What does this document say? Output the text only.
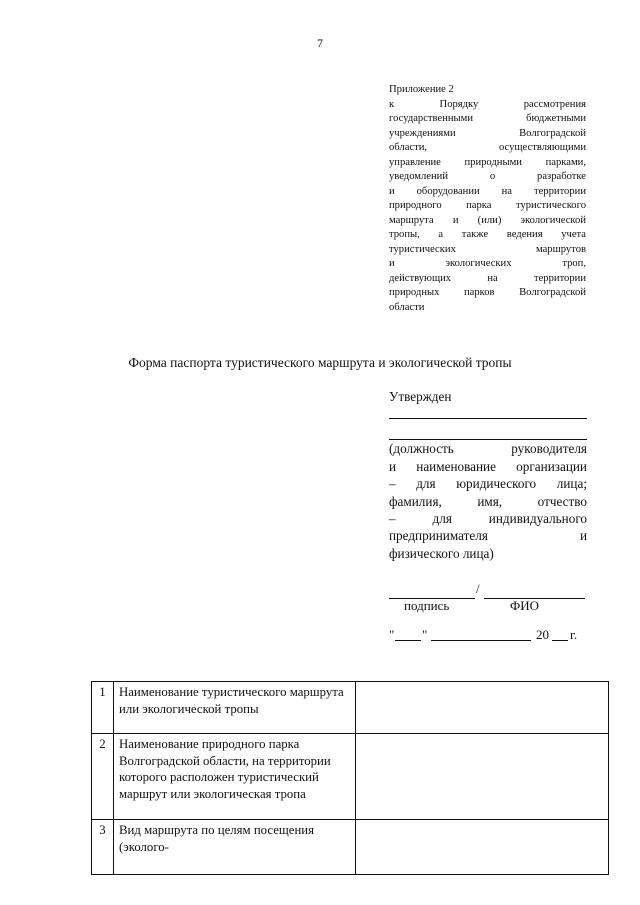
7
Приложение 2
к Порядку рассмотрения
государственными бюджетными
учреждениями Волгоградской
области, осуществляющими
управление природными парками,
уведомлений о разработке
и оборудовании на территории
природного парка туристического
маршрута и (или) экологической
тропы, а также ведения учета
туристических маршрутов
и экологических троп,
действующих на территории
природных парков Волгоградской
области
Форма паспорта туристического маршрута и экологической тропы
Утвержден
(должность руководителя
и наименование организации
– для юридического лица;
фамилия, имя, отчество
– для индивидуального
предпринимателя и
физического лица)
/
подпись	ФИО
" "	20 г.
1	Наименование туристического маршрута или экологической тропы	
2	Наименование природного парка Волгоградской области, на территории которого расположен туристический маршрут или экологическая тропа	
3	Вид маршрута по целям посещения (эколого-	
